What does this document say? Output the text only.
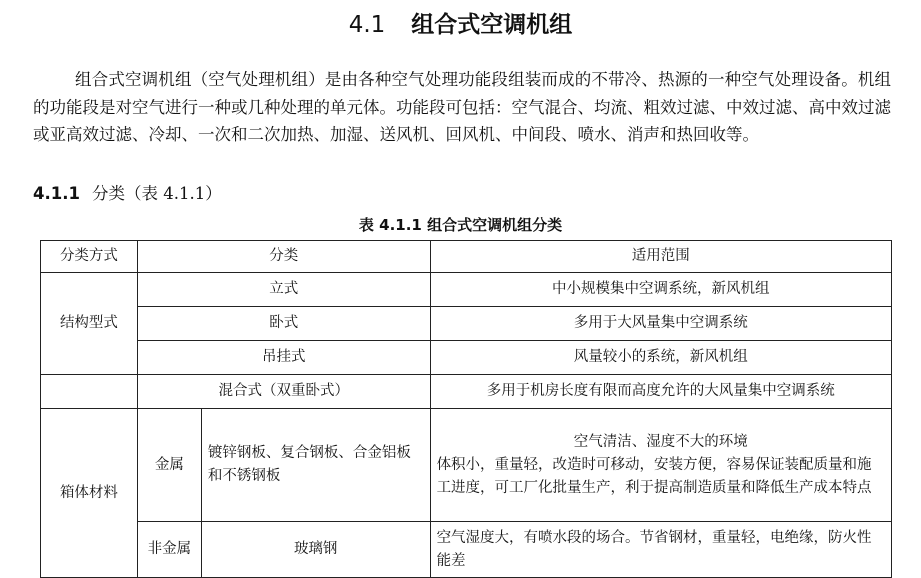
4.1 组合式空调机组
组合式空调机组（空气处理机组）是由各种空气处理功能段组装而成的不带冷、热源的一种空气处理设备。机组的功能段是对空气进行一种或几种处理的单元体。功能段可包括：空气混合、均流、粗效过滤、中效过滤、高中效过滤或亚高效过滤、冷却、一次和二次加热、加湿、送风机、回风机、中间段、喷水、消声和热回收等。
4.1.1 分类（表 4.1.1）
表 4.1.1 组合式空调机组分类
分类方式	分类		适用范围
结构型式	立式		中小规模集中空调系统，新风机组
	卧式		多用于大风量集中空调系统
	吊挂式		风量较小的系统，新风机组
	混合式（双重卧式）		多用于机房长度有限而高度允许的大风量集中空调系统
箱体材料	金属	镀锌钢板、复合钢板、合金铝板和不锈钢板	空气清洁、湿度不大的环境
体积小，重量轻，改造时可移动，安装方便，容易保证装配质量和施工进度，可工厂化批量生产，利于提高制造质量和降低生产成本特点

	非金属	玻璃钢	空气湿度大，有喷水段的场合。节省钢材，重量轻，电绝缘，防火性能差
